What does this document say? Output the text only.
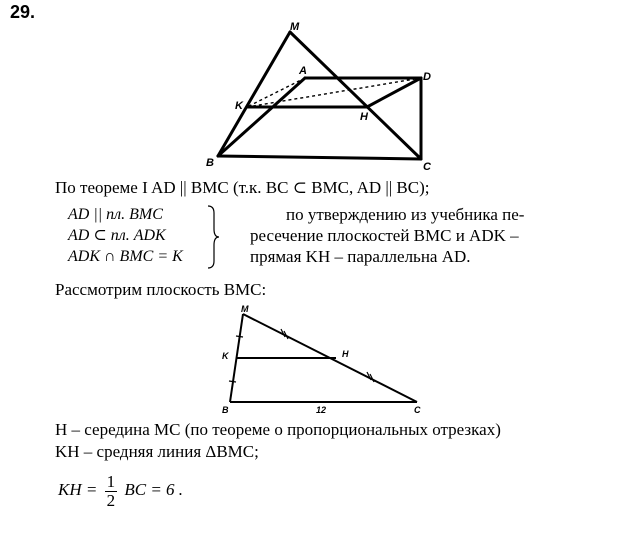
29.
M
A	D
K
H
B	C
По теореме I AD || BMC (т.к. BC ⊂ BMC, AD || BC);
AD || пл. BMC
AD ⊂ пл. ADK
ADK ∩ BMC = K
по утверждению из учебника пе-
ресечение плоскостей BMC и ADK –
прямая KH – параллельна AD.
Рассмотрим плоскость ВМС:
M
K	H
B	C
12
H – середина MC (по теореме о пропорциональных отрезках)
KH – средняя линия ΔBMC;
KH = $\frac{1}{2}$ BC = 6 .
